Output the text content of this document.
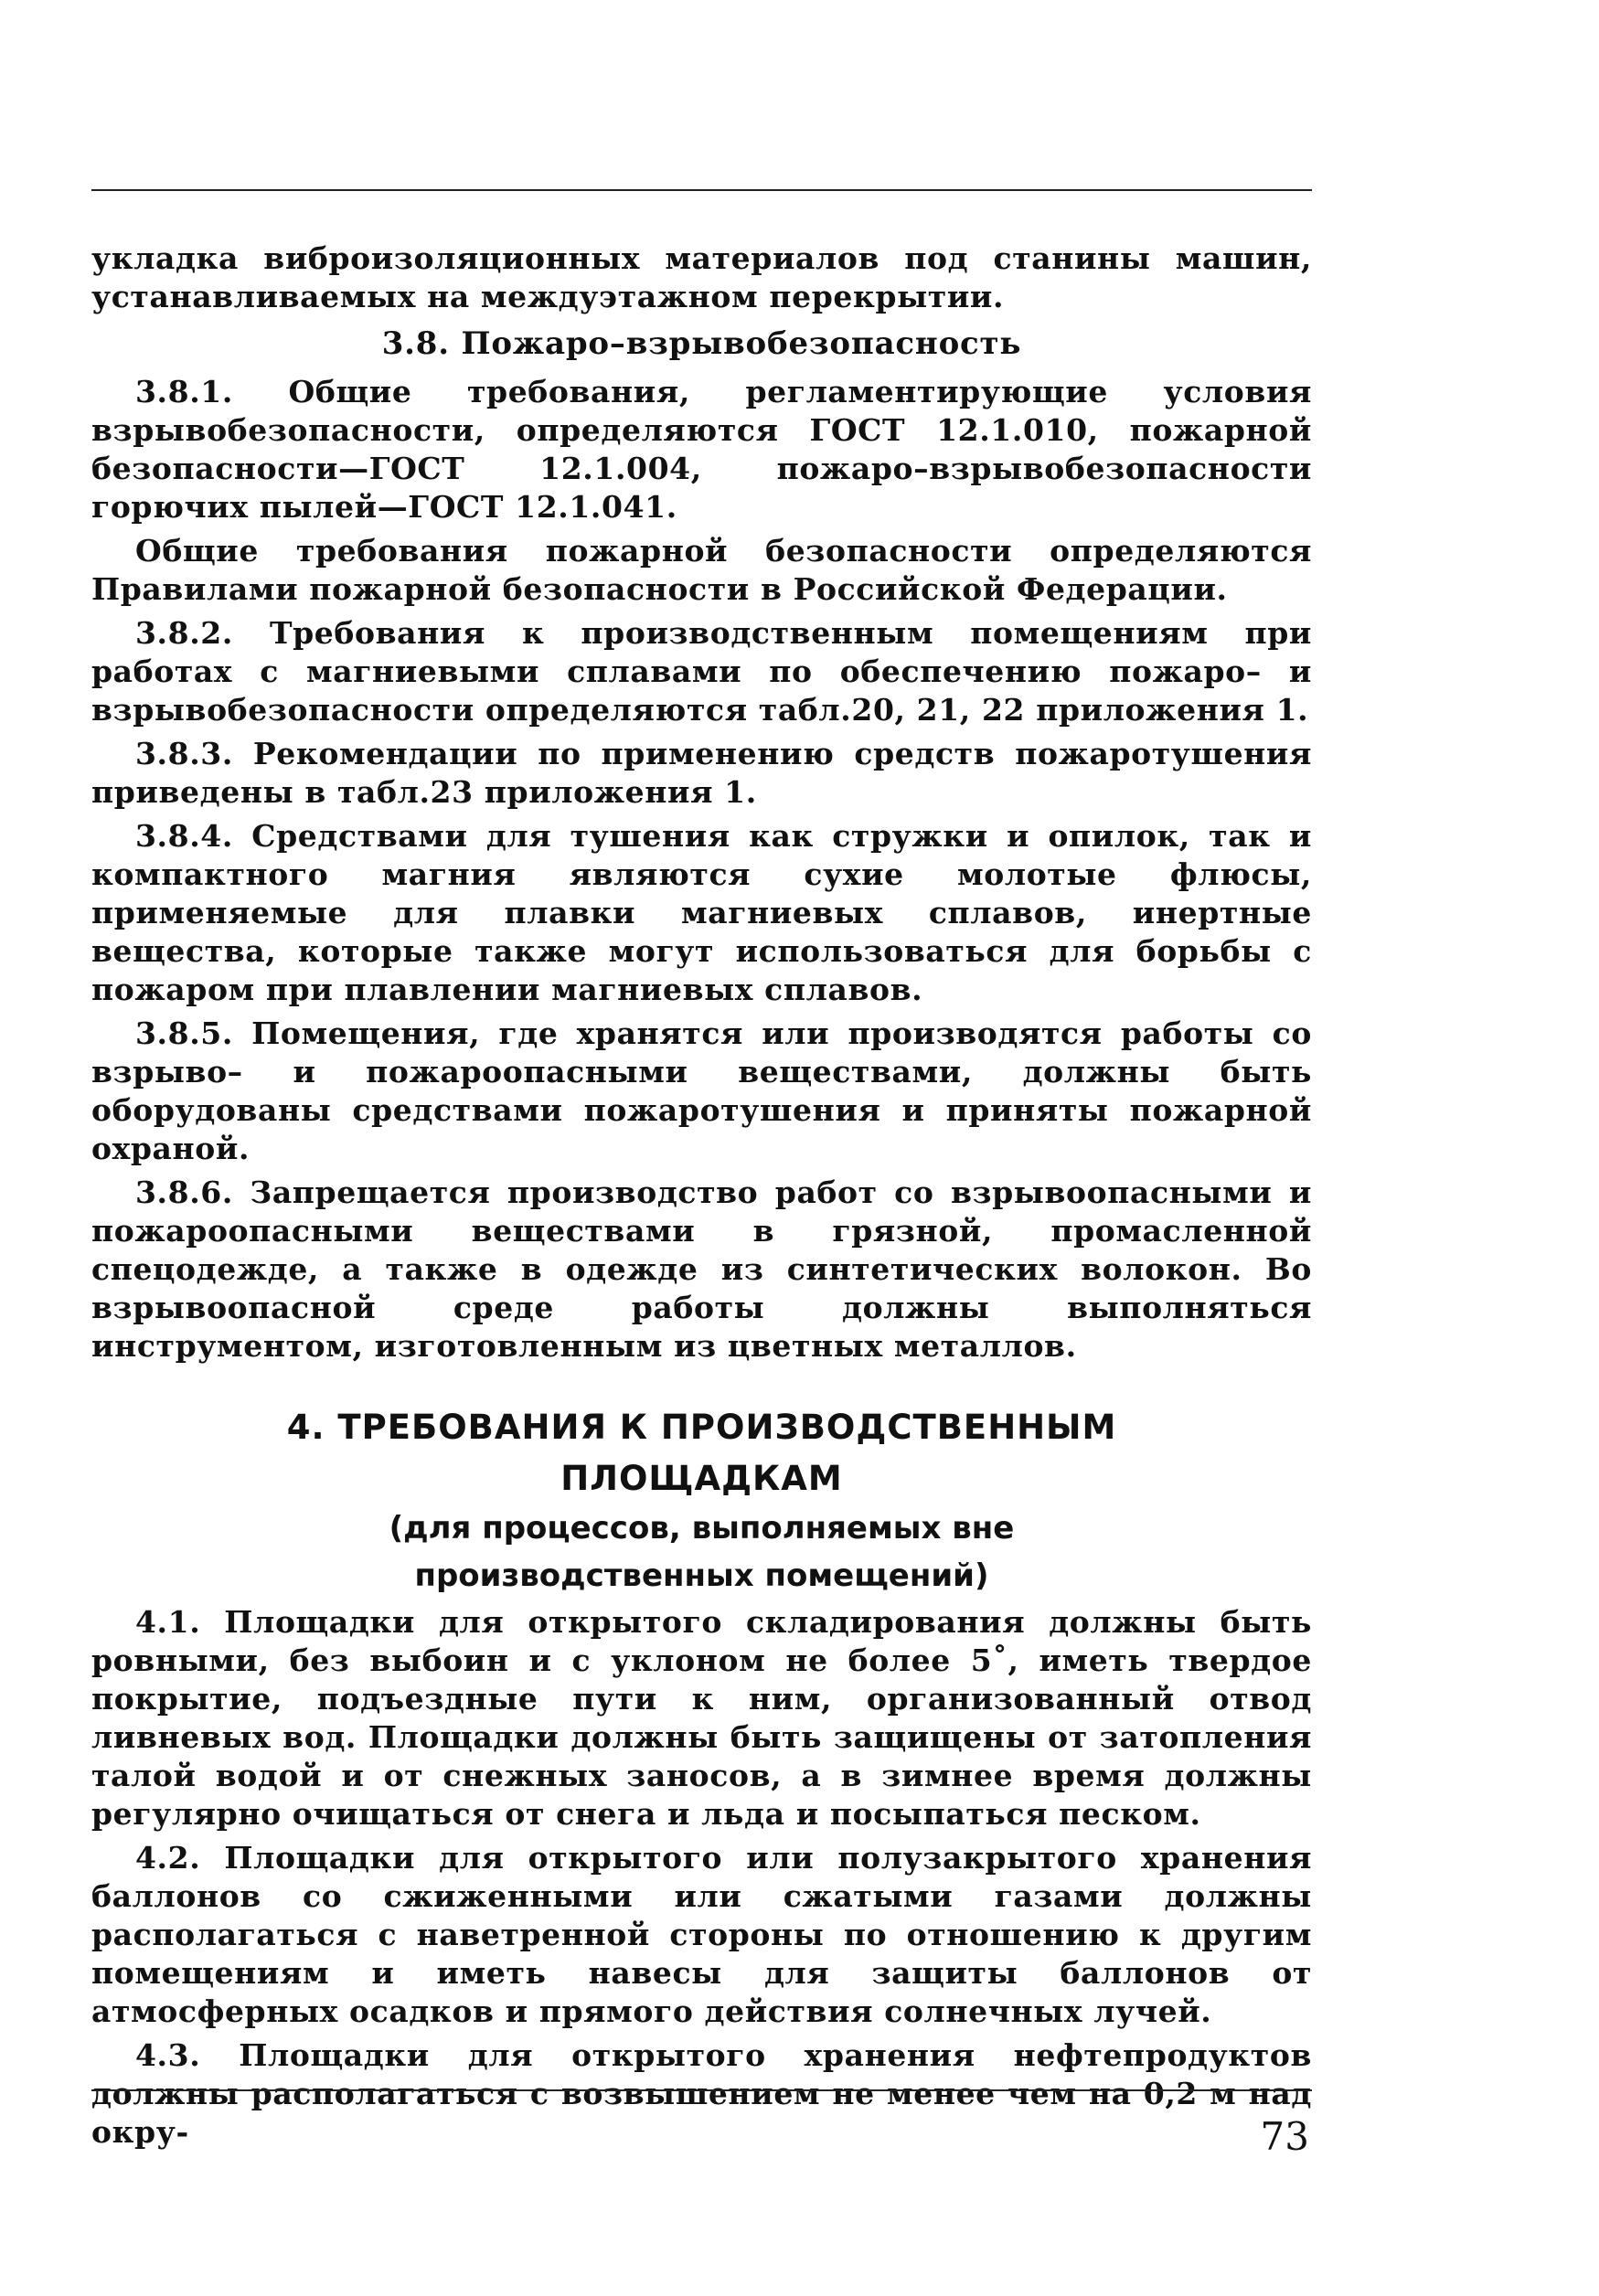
укладка виброизоляционных материалов под станины машин, устанавливаемых на междуэтажном перекрытии.

3.8. Пожаро–взрывобезопасность

3.8.1. Общие требования, регламентирующие условия взрывобезопасности, определяются ГОСТ 12.1.010, пожарной безопасности—ГОСТ 12.1.004, пожаро–взрывобезопасности горючих пылей—ГОСТ 12.1.041.

Общие требования пожарной безопасности определяются Правилами пожарной безопасности в Российской Федерации.

3.8.2. Требования к производственным помещениям при работах с магниевыми сплавами по обеспечению пожаро– и взрывобезопасности определяются табл.20, 21, 22 приложения 1.

3.8.3. Рекомендации по применению средств пожаротушения приведены в табл.23 приложения 1.

3.8.4. Средствами для тушения как стружки и опилок, так и компактного магния являются сухие молотые флюсы, применяемые для плавки магниевых сплавов, инертные вещества, которые также могут использоваться для борьбы с пожаром при плавлении магниевых сплавов.

3.8.5. Помещения, где хранятся или производятся работы со взрыво– и пожароопасными веществами, должны быть оборудованы средствами пожаротушения и приняты пожарной охраной.

3.8.6. Запрещается производство работ со взрывоопасными и пожароопасными веществами в грязной, промасленной спецодежде, а также в одежде из синтетических волокон. Во взрывоопасной среде работы должны выполняться инструментом, изготовленным из цветных металлов.

4. ТРЕБОВАНИЯ К ПРОИЗВОДСТВЕННЫМ
ПЛОЩАДКАМ
(для процессов, выполняемых вне
производственных помещений)

4.1. Площадки для открытого складирования должны быть ровными, без выбоин и с уклоном не более 5˚, иметь твердое покрытие, подъездные пути к ним, организованный отвод ливневых вод. Площадки должны быть защищены от затопления талой водой и от снежных заносов, а в зимнее время должны регулярно очищаться от снега и льда и посыпаться песком.

4.2. Площадки для открытого или полузакрытого хранения баллонов со сжиженными или сжатыми газами должны располагаться с наветренной стороны по отношению к другим помещениям и иметь навесы для защиты баллонов от атмосферных осадков и прямого действия солнечных лучей.

4.3. Площадки для открытого хранения нефтепродуктов должны располагаться с возвышением не менее чем на 0,2 м над окру-	73
